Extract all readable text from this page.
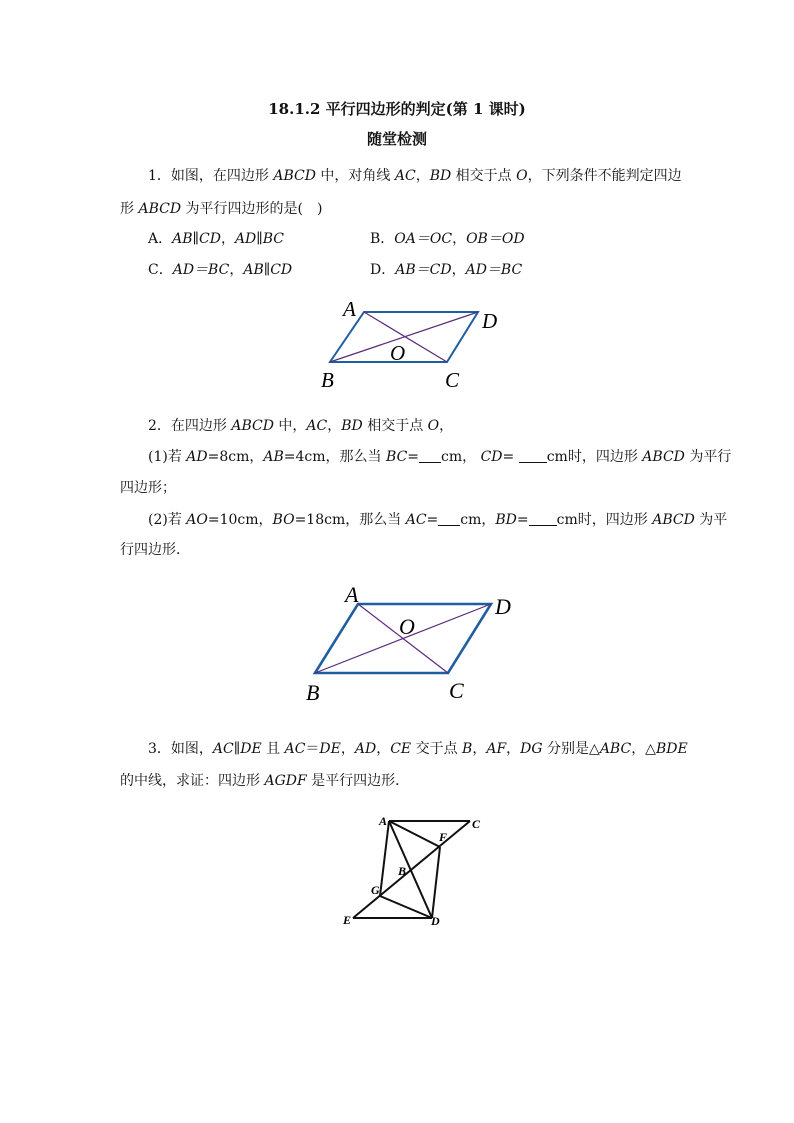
18.1.2 平行四边形的判定(第 1 课时)
随堂检测
1．如图，在四边形 ABCD 中，对角线 AC，BD 相交于点 O，下列条件不能判定四边
形 ABCD 为平行四边形的是(　)
A．AB∥CD，AD∥BC	B．OA＝OC，OB＝OD
C．AD＝BC，AB∥CD	D．AB＝CD，AD＝BC
A	D
O
B	C
2．在四边形 ABCD 中，AC，BD 相交于点 O，
(1)若 AD=8cm，AB=4cm，那么当 BC= cm， CD= cm时，四边形 ABCD 为平行
四边形；
(2)若 AO=10cm，BO=18cm，那么当 AC= cm，BD= cm时，四边形 ABCD 为平
行四边形．
A	D
O
B	C
3．如图，AC∥DE 且 AC＝DE，AD，CE 交于点 B，AF，DG 分别是△ABC，△BDE
的中线，求证：四边形 AGDF 是平行四边形．
A	C
F
B
G
E	D
